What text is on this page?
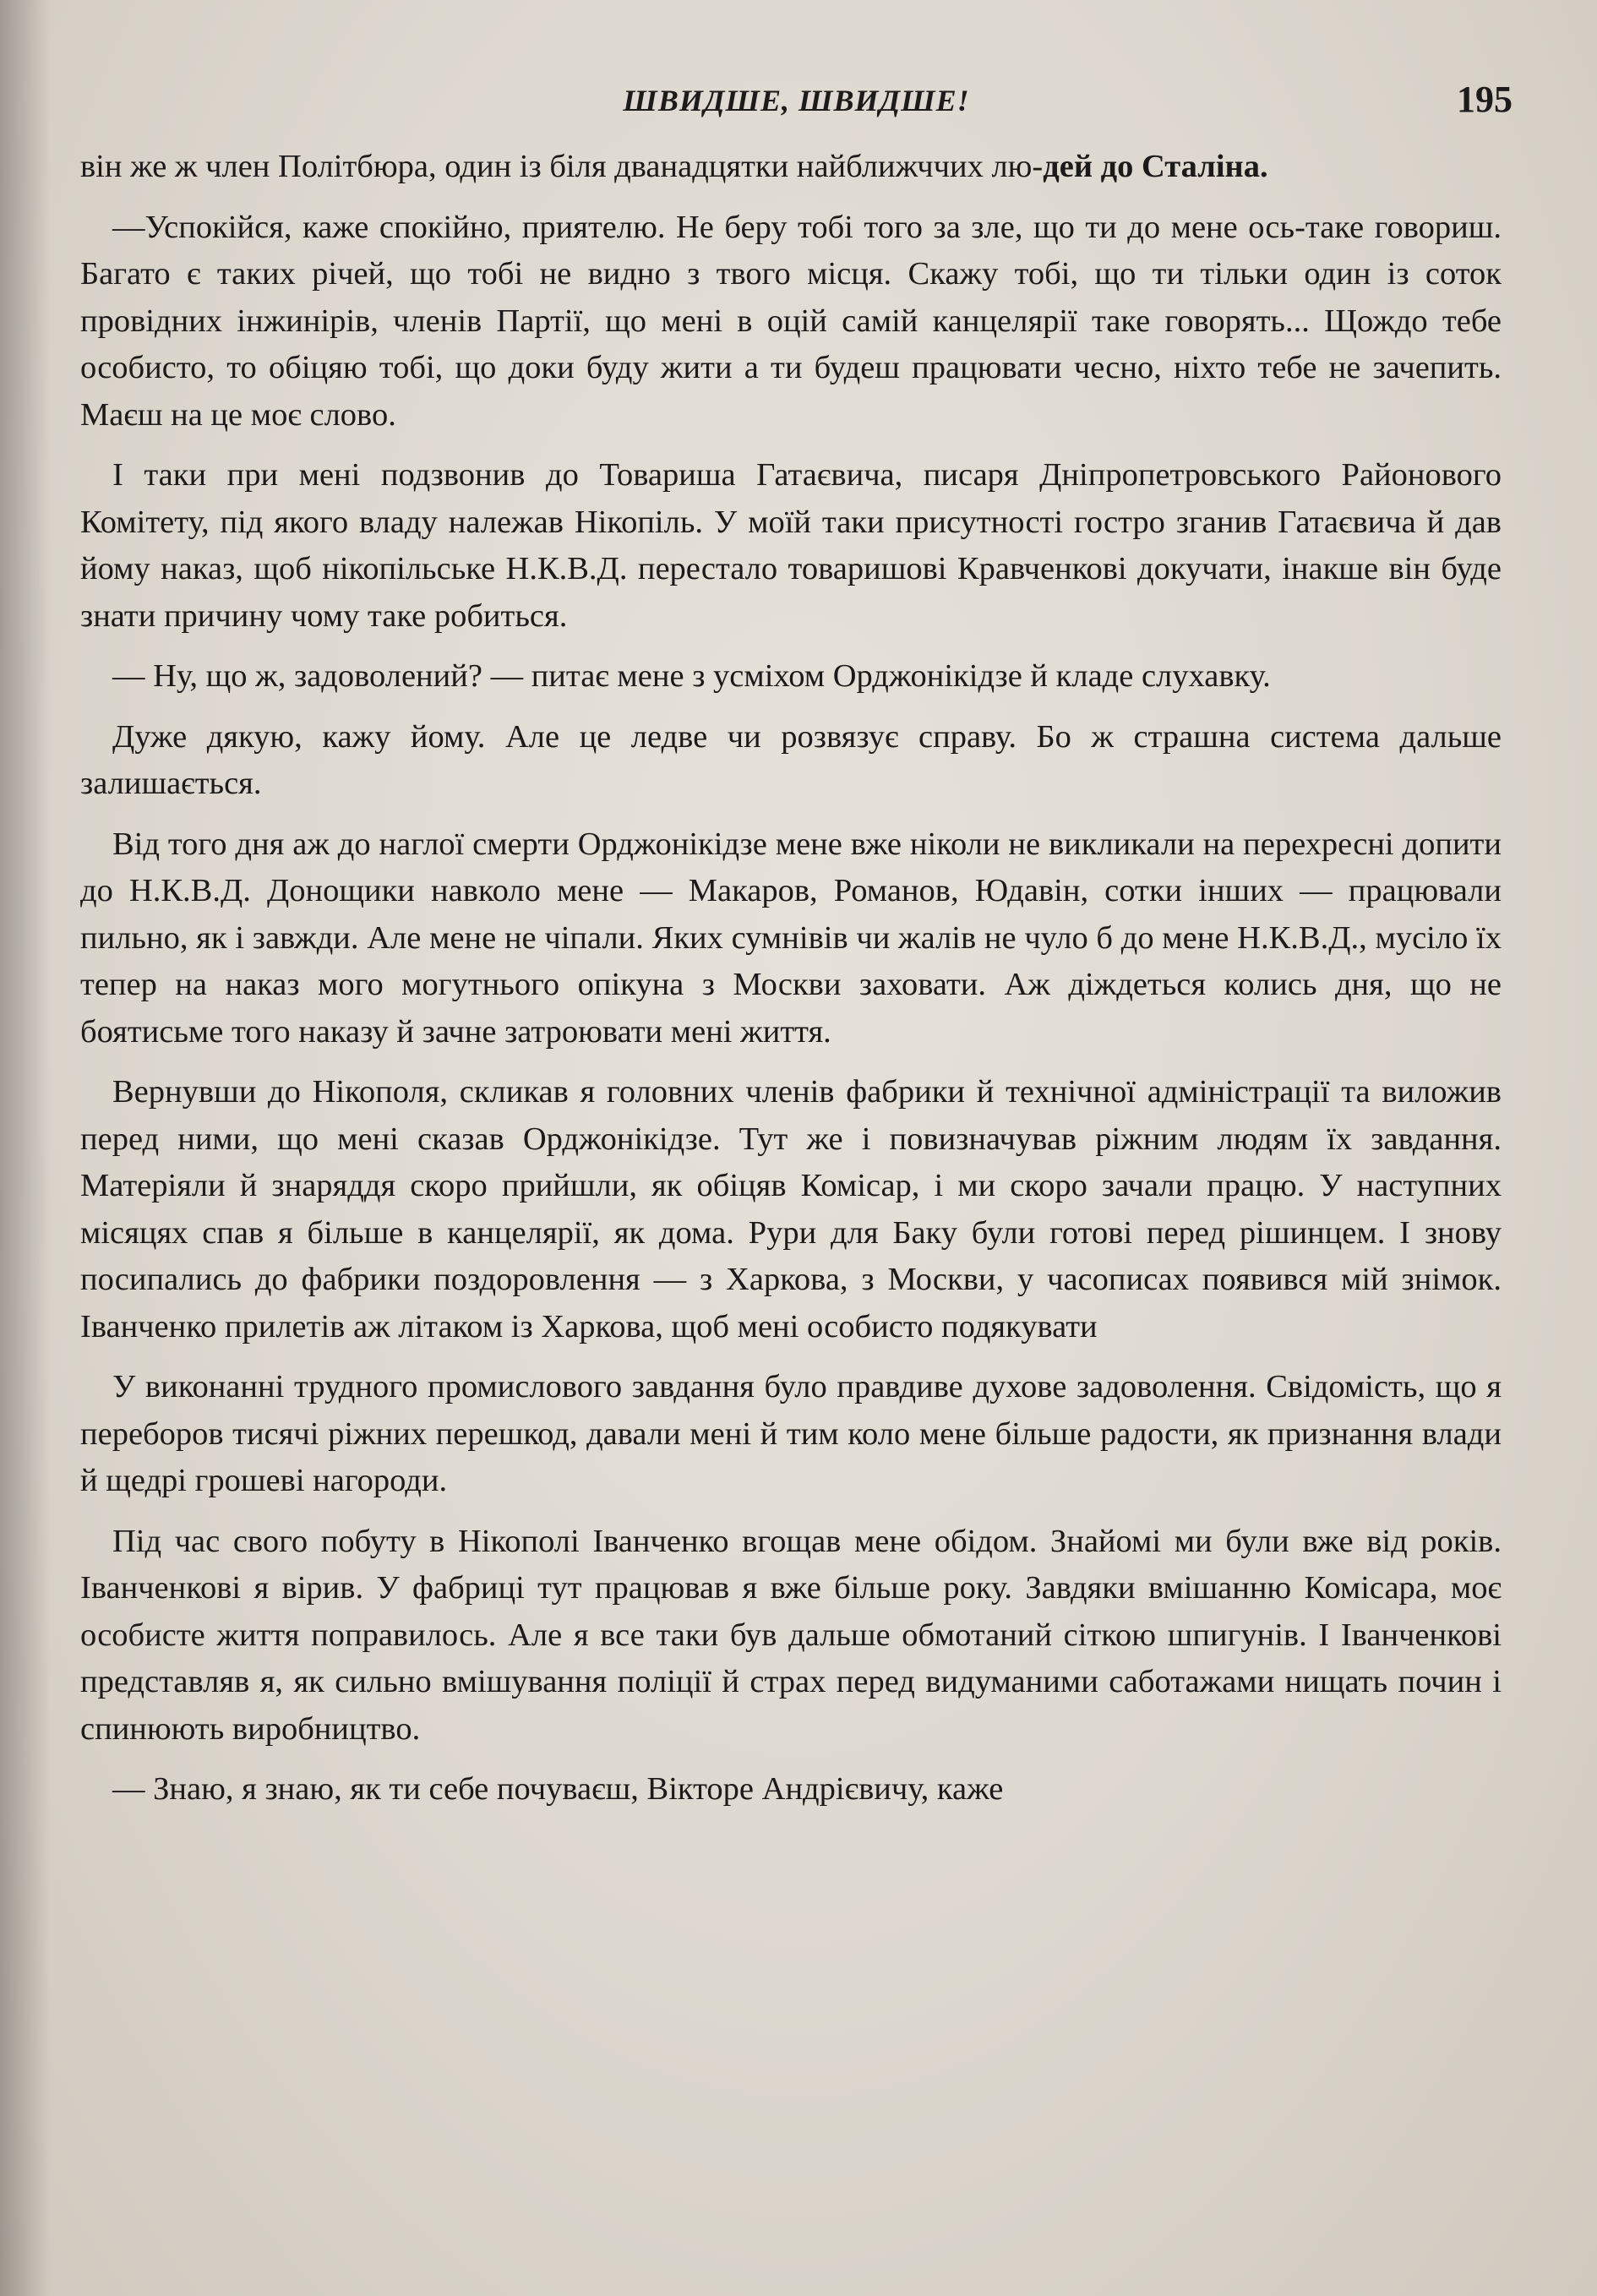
ШВИДШЕ, ШВИДШЕ!	195

він же ж член Політбюра, один із біля дванадцятки найближччих лю-дей до Сталіна.

—Успокійся, каже спокійно, приятелю. Не беру тобі того за зле, що ти до мене ось-таке говориш. Багато є таких річей, що тобі не видно з твого місця. Скажу тобі, що ти тільки один із соток провідних інжинірів, членів Партії, що мені в оцій самій канцелярії таке говорять... Щождо тебе особисто, то обіцяю тобі, що доки буду жити а ти будеш працювати чесно, ніхто тебе не зачепить. Маєш на це моє слово.

І таки при мені подзвонив до Товариша Гатаєвича, писаря Дніпропетровського Районового Комітету, під якого владу належав Нікопіль. У моїй таки присутності гостро зганив Гатаєвича й дав йому наказ, щоб нікопільське Н.К.В.Д. перестало товаришові Кравченкові докучати, інакше він буде знати причину чому таке робиться.

— Ну, що ж, задоволений? — питає мене з усміхом Орджонікідзе й кладе слухавку.

Дуже дякую, кажу йому. Але це ледве чи розвязує справу. Бо ж страшна система дальше залишається.

Від того дня аж до наглої смерти Орджонікідзе мене вже ніколи не викликали на перехресні допити до Н.К.В.Д. Донощики навколо мене — Макаров, Романов, Юдавін, сотки інших — працювали пильно, як і завжди. Але мене не чіпали. Яких сумнівів чи жалів не чуло б до мене Н.К.В.Д., мусіло їх тепер на наказ мого могутнього опікуна з Москви заховати. Аж діждеться колись дня, що не боятисьме того наказу й зачне затроювати мені життя.

Вернувши до Нікополя, скликав я головних членів фабрики й технічної адміністрації та виложив перед ними, що мені сказав Орджонікідзе. Тут же і повизначував ріжним людям їх завдання. Матеріяли й знаряддя скоро прийшли, як обіцяв Комісар, і ми скоро зачали працю. У наступних місяцях спав я більше в канцелярії, як дома. Рури для Баку були готові перед рішинцем. І знову посипались до фабрики поздоровлення — з Харкова, з Москви, у часописах появився мій знімок. Іванченко прилетів аж літаком із Харкова, щоб мені особисто подякувати

У виконанні трудного промислового завдання було правдиве духове задоволення. Свідомість, що я переборов тисячі ріжних перешкод, давали мені й тим коло мене більше радости, як признання влади й щедрі грошеві нагороди.

Під час свого побуту в Нікополі Іванченко вгощав мене обідом. Знайомі ми були вже від років. Іванченкові я вірив. У фабриці тут працював я вже більше року. Завдяки вмішанню Комісара, моє особисте життя поправилось. Але я все таки був дальше обмотаний сіткою шпигунів. І Іванченкові представляв я, як сильно вмішування поліції й страх перед видуманими саботажами нищать почин і спинюють виробництво.

— Знаю, я знаю, як ти себе почуваєш, Вікторе Андрієвичу, каже
